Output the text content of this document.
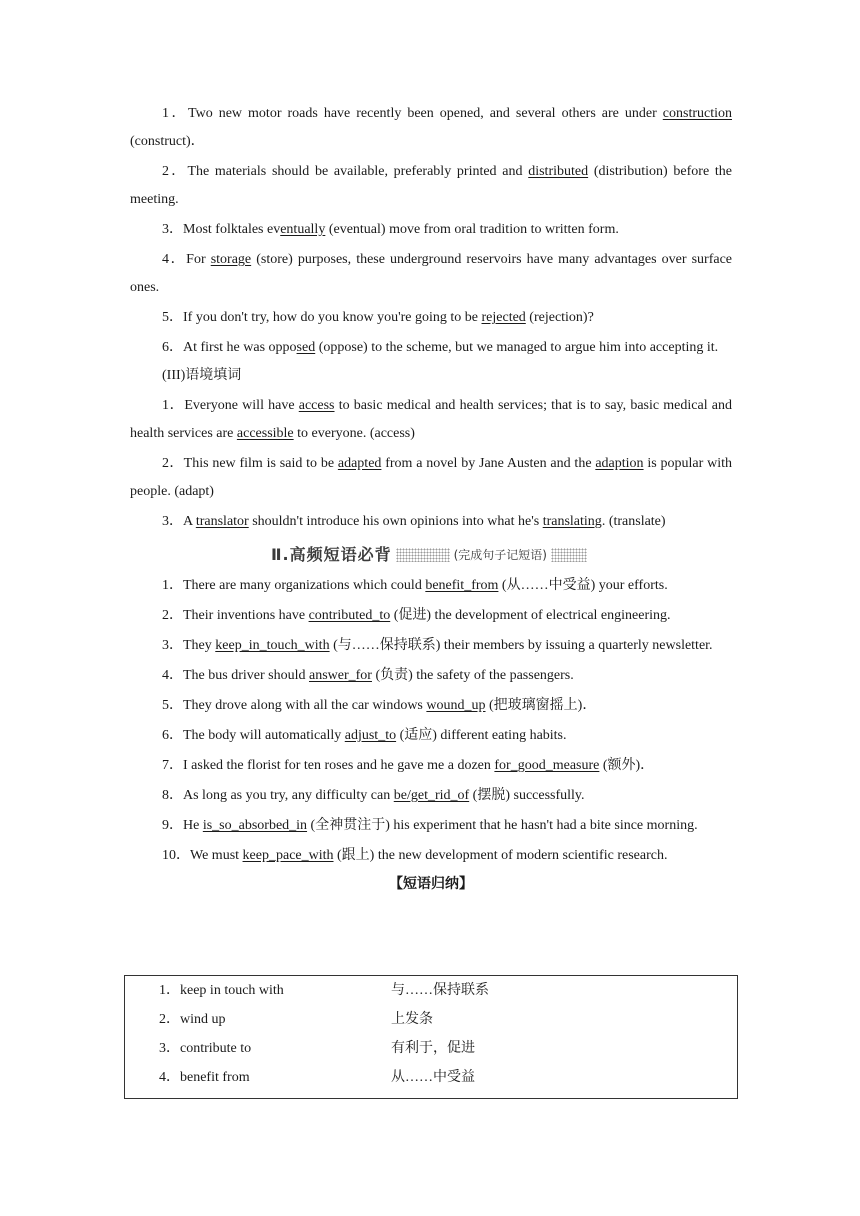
1．Two new motor roads have recently been opened, and several others are under construction (construct)．

2．The materials should be available, preferably printed and distributed (distribution) before the meeting.

3．Most folktales eventually (eventual) move from oral tradition to written form.

4．For storage (store) purposes, these underground reservoirs have many advantages over surface ones.

5．If you don't try, how do you know you're going to be rejected (rejection)?

6．At first he was opposed (oppose) to the scheme, but we managed to argue him into accepting it.

(III)语境填词

1．Everyone will have access to basic medical and health services; that is to say, basic medical and health services are accessible to everyone. (access)

2．This new film is said to be adapted from a novel by Jane Austen and the adaption is popular with people. (adapt)

3．A translator shouldn't introduce his own opinions into what he's translating. (translate)

Ⅱ.高频短语必背	(完成句子记短语)

1．There are many organizations which could benefit_from (从……中受益) your efforts.

2．Their inventions have contributed_to (促进) the development of electrical engineering.

3．They keep_in_touch_with (与……保持联系) their members by issuing a quarterly newsletter.

4．The bus driver should answer_for (负责) the safety of the passengers.

5．They drove along with all the car windows wound_up (把玻璃窗摇上)．

6．The body will automatically adjust_to (适应) different eating habits.

7．I asked the florist for ten roses and he gave me a dozen for_good_measure (额外)．

8．As long as you try, any difficulty can be/get_rid_of (摆脱) successfully.

9．He is_so_absorbed_in (全神贯注于) his experiment that he hasn't had a bite since morning.

10．We must keep_pace_with (跟上) the new development of modern scientific research.

【短语归纳】
1．keep in touch with	与……保持联系
2．wind up	上发条
3．contribute to	有利于，促进
4．benefit from	从……中受益
